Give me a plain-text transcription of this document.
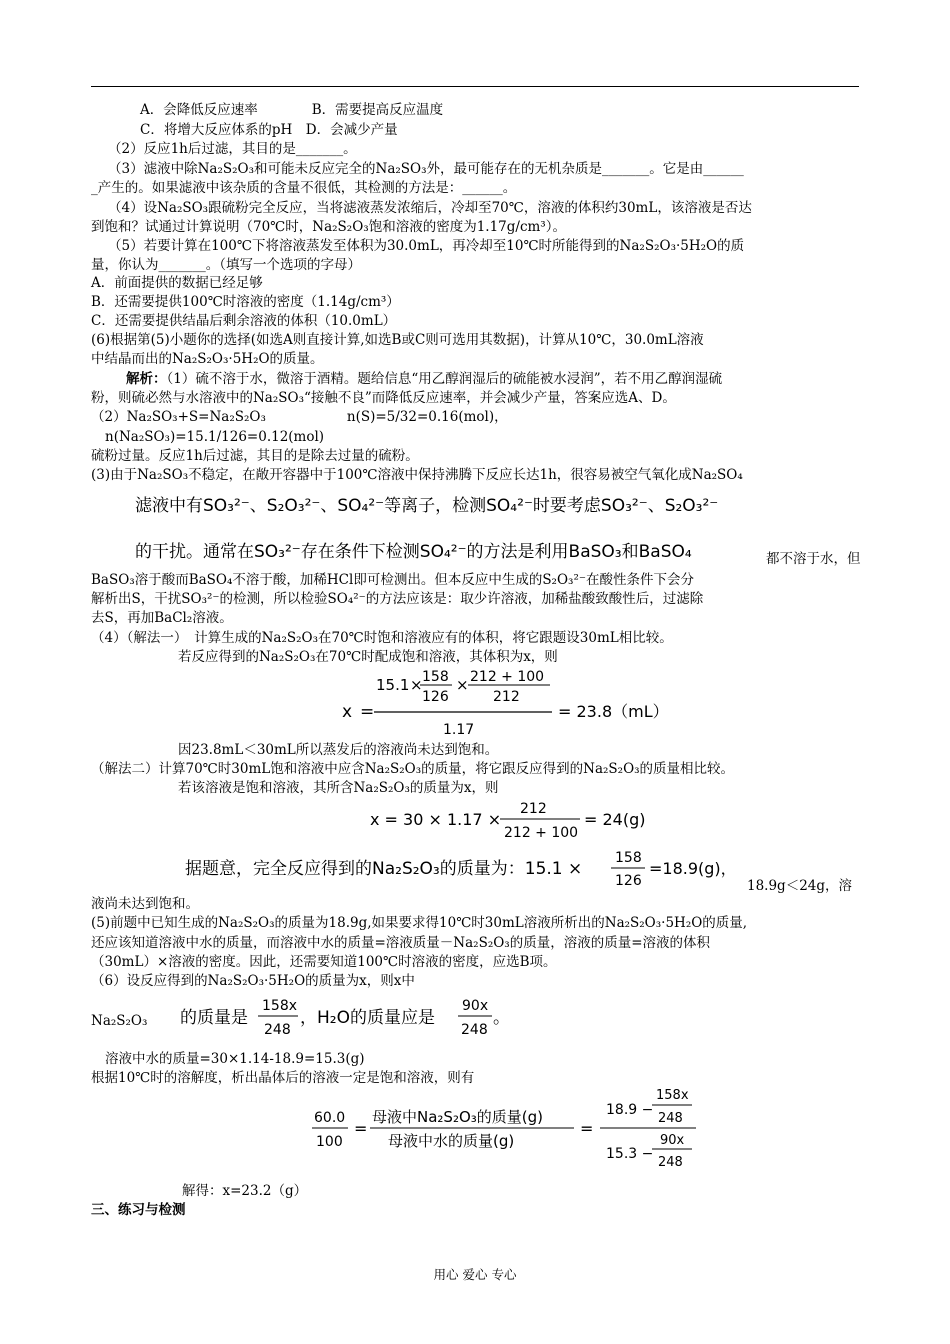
A．会降低反应速率　　　　B．需要提高反应温度
C．将增大反应体系的pH　D．会减少产量
（2）反应1h后过滤，其目的是_______。
（3）滤液中除Na₂S₂O₃和可能未反应完全的Na₂SO₃外，最可能存在的无机杂质是_______。它是由______
_产生的。如果滤液中该杂质的含量不很低，其检测的方法是：______。
（4）设Na₂SO₃跟硫粉完全反应，当将滤液蒸发浓缩后，冷却至70℃，溶液的体积约30mL，该溶液是否达
到饱和？试通过计算说明（70℃时，Na₂S₂O₃饱和溶液的密度为1.17g/cm³）。
（5）若要计算在100℃下将溶液蒸发至体积为30.0mL，再冷却至10℃时所能得到的Na₂S₂O₃·5H₂O的质
量，你认为_______。（填写一个选项的字母）
A．前面提供的数据已经足够
B．还需要提供100℃时溶液的密度（1.14g/cm³）
C．还需要提供结晶后剩余溶液的体积（10.0mL）
(6)根据第(5)小题你的选择(如选A则直接计算,如选B或C则可选用其数据)，计算从10℃，30.0mL溶液
中结晶而出的Na₂S₂O₃·5H₂O的质量。
解析：（1）硫不溶于水，微溶于酒精。题给信息“用乙醇润湿后的硫能被水浸润”，若不用乙醇润湿硫
粉，则硫必然与水溶液中的Na₂SO₃“接触不良”而降低反应速率，并会减少产量，答案应选A、D。
（2）Na₂SO₃+S=Na₂S₂O₃　　　　　　n(S)=5/32=0.16(mol)，
n(Na₂SO₃)=15.1/126=0.12(mol)
硫粉过量。反应1h后过滤，其目的是除去过量的硫粉。
(3)由于Na₂SO₃不稳定，在敞开容器中于100℃溶液中保持沸腾下反应长达1h，很容易被空气氧化成Na₂SO₄
滤液中有SO₃²⁻、S₂O₃²⁻、SO₄²⁻等离子，检测SO₄²⁻时要考虑SO₃²⁻、S₂O₃²⁻
的干扰。通常在SO₃²⁻存在条件下检测SO₄²⁻的方法是利用BaSO₃和BaSO₄	都不溶于水，但
BaSO₃溶于酸而BaSO₄不溶于酸，加稀HCl即可检测出。但本反应中生成的S₂O₃²⁻在酸性条件下会分
解析出S，干扰SO₃²⁻的检测，所以检验SO₄²⁻的方法应该是：取少许溶液，加稀盐酸致酸性后，过滤除
去S，再加BaCl₂溶液。
（4）（解法一）　计算生成的Na₂S₂O₃在70℃时饱和溶液应有的体积，将它跟题设30mL相比较。
若反应得到的Na₂S₂O₃在70℃时配成饱和溶液，其体积为x，则
x =
15.1 × 158
126
× 212 + 100
212
1.17
= 23.8（mL）
因23.8mL＜30mL所以蒸发后的溶液尚未达到饱和。
（解法二）计算70℃时30mL饱和溶液中应含Na₂S₂O₃的质量，将它跟反应得到的Na₂S₂O₃的质量相比较。
若该溶液是饱和溶液，其所含Na₂S₂O₃的质量为x，则
x = 30 × 1.17 ×
212
212 + 100
= 24(g)
据题意，完全反应得到的Na₂S₂O₃的质量为：15.1 ×
158
126
=18.9(g)，
18.9g＜24g，溶
液尚未达到饱和。
(5)前题中已知生成的Na₂S₂O₃的质量为18.9g,如果要求得10℃时30mL溶液所析出的Na₂S₂O₃·5H₂O的质量,
还应该知道溶液中水的质量，而溶液中水的质量=溶液质量－Na₂S₂O₃的质量，溶液的质量=溶液的体积
（30mL）×溶液的密度。因此，还需要知道100℃时溶液的密度，应选B项。
（6）设反应得到的Na₂S₂O₃·5H₂O的质量为x，则x中
Na₂S₂O₃ 的质量是
158x
248
，H₂O的质量应是
90x
248
。
溶液中水的质量=30×1.14-18.9=15.3(g)
根据10℃时的溶解度，析出晶体后的溶液一定是饱和溶液，则有
60.0
100
=
母液中Na₂S₂O₃的质量(g)
母液中水的质量(g)
=
18.9 −
158x
248
15.3 −
90x
248
解得：x=23.2（g）
三、练习与检测
用心 爱心 专心
